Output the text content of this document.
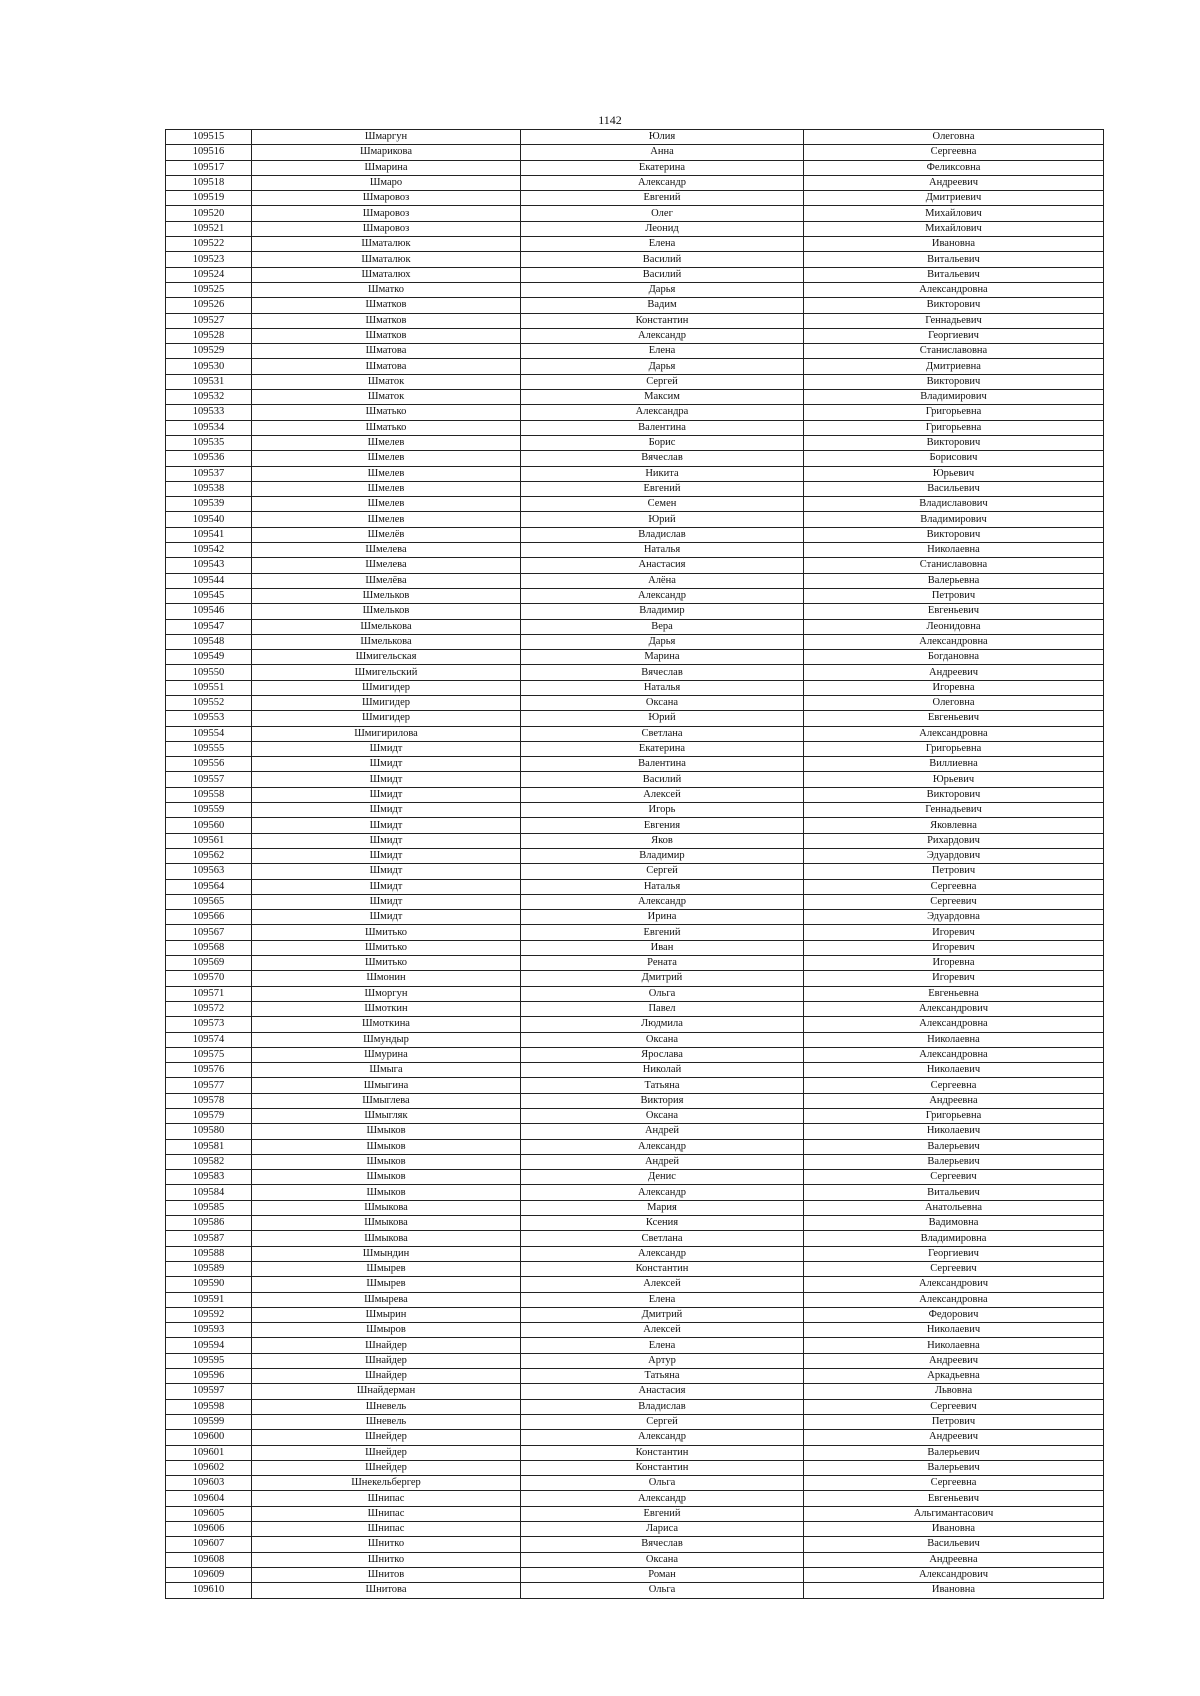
1142
109515	Шмаргун	Юлия	Олеговна
109516	Шмарикова	Анна	Сергеевна
109517	Шмарина	Екатерина	Феликсовна
109518	Шмаро	Александр	Андреевич
109519	Шмаровоз	Евгений	Дмитриевич
109520	Шмаровоз	Олег	Михайлович
109521	Шмаровоз	Леонид	Михайлович
109522	Шматалюк	Елена	Ивановна
109523	Шматалюк	Василий	Витальевич
109524	Шматалюх	Василий	Витальевич
109525	Шматко	Дарья	Александровна
109526	Шматков	Вадим	Викторович
109527	Шматков	Константин	Геннадьевич
109528	Шматков	Александр	Георгиевич
109529	Шматова	Елена	Станиславовна
109530	Шматова	Дарья	Дмитриевна
109531	Шматок	Сергей	Викторович
109532	Шматок	Максим	Владимирович
109533	Шматько	Александра	Григорьевна
109534	Шматько	Валентина	Григорьевна
109535	Шмелев	Борис	Викторович
109536	Шмелев	Вячеслав	Борисович
109537	Шмелев	Никита	Юрьевич
109538	Шмелев	Евгений	Васильевич
109539	Шмелев	Семен	Владиславович
109540	Шмелев	Юрий	Владимирович
109541	Шмелёв	Владислав	Викторович
109542	Шмелева	Наталья	Николаевна
109543	Шмелева	Анастасия	Станиславовна
109544	Шмелёва	Алёна	Валерьевна
109545	Шмельков	Александр	Петрович
109546	Шмельков	Владимир	Евгеньевич
109547	Шмелькова	Вера	Леонидовна
109548	Шмелькова	Дарья	Александровна
109549	Шмигельская	Марина	Богдановна
109550	Шмигельский	Вячеслав	Андреевич
109551	Шмигидер	Наталья	Игоревна
109552	Шмигидер	Оксана	Олеговна
109553	Шмигидер	Юрий	Евгеньевич
109554	Шмигирилова	Светлана	Александровна
109555	Шмидт	Екатерина	Григорьевна
109556	Шмидт	Валентина	Виллиевна
109557	Шмидт	Василий	Юрьевич
109558	Шмидт	Алексей	Викторович
109559	Шмидт	Игорь	Геннадьевич
109560	Шмидт	Евгения	Яковлевна
109561	Шмидт	Яков	Рихардович
109562	Шмидт	Владимир	Эдуардович
109563	Шмидт	Сергей	Петрович
109564	Шмидт	Наталья	Сергеевна
109565	Шмидт	Александр	Сергеевич
109566	Шмидт	Ирина	Эдуардовна
109567	Шмитько	Евгений	Игоревич
109568	Шмитько	Иван	Игоревич
109569	Шмитько	Рената	Игоревна
109570	Шмонин	Дмитрий	Игоревич
109571	Шморгун	Ольга	Евгеньевна
109572	Шмоткин	Павел	Александрович
109573	Шмоткина	Людмила	Александровна
109574	Шмундыр	Оксана	Николаевна
109575	Шмурина	Ярослава	Александровна
109576	Шмыга	Николай	Николаевич
109577	Шмыгина	Татьяна	Сергеевна
109578	Шмыглева	Виктория	Андреевна
109579	Шмыгляк	Оксана	Григорьевна
109580	Шмыков	Андрей	Николаевич
109581	Шмыков	Александр	Валерьевич
109582	Шмыков	Андрей	Валерьевич
109583	Шмыков	Денис	Сергеевич
109584	Шмыков	Александр	Витальевич
109585	Шмыкова	Мария	Анатольевна
109586	Шмыкова	Ксения	Вадимовна
109587	Шмыкова	Светлана	Владимировна
109588	Шмындин	Александр	Георгиевич
109589	Шмырев	Константин	Сергеевич
109590	Шмырев	Алексей	Александрович
109591	Шмырева	Елена	Александровна
109592	Шмырин	Дмитрий	Федорович
109593	Шмыров	Алексей	Николаевич
109594	Шнайдер	Елена	Николаевна
109595	Шнайдер	Артур	Андреевич
109596	Шнайдер	Татьяна	Аркадьевна
109597	Шнайдерман	Анастасия	Львовна
109598	Шневель	Владислав	Сергеевич
109599	Шневель	Сергей	Петрович
109600	Шнейдер	Александр	Андреевич
109601	Шнейдер	Константин	Валерьевич
109602	Шнейдер	Константин	Валерьевич
109603	Шнекельбергер	Ольга	Сергеевна
109604	Шнипас	Александр	Евгеньевич
109605	Шнипас	Евгений	Альгимантасович
109606	Шнипас	Лариса	Ивановна
109607	Шнитко	Вячеслав	Васильевич
109608	Шнитко	Оксана	Андреевна
109609	Шнитов	Роман	Александрович
109610	Шнитова	Ольга	Ивановна
